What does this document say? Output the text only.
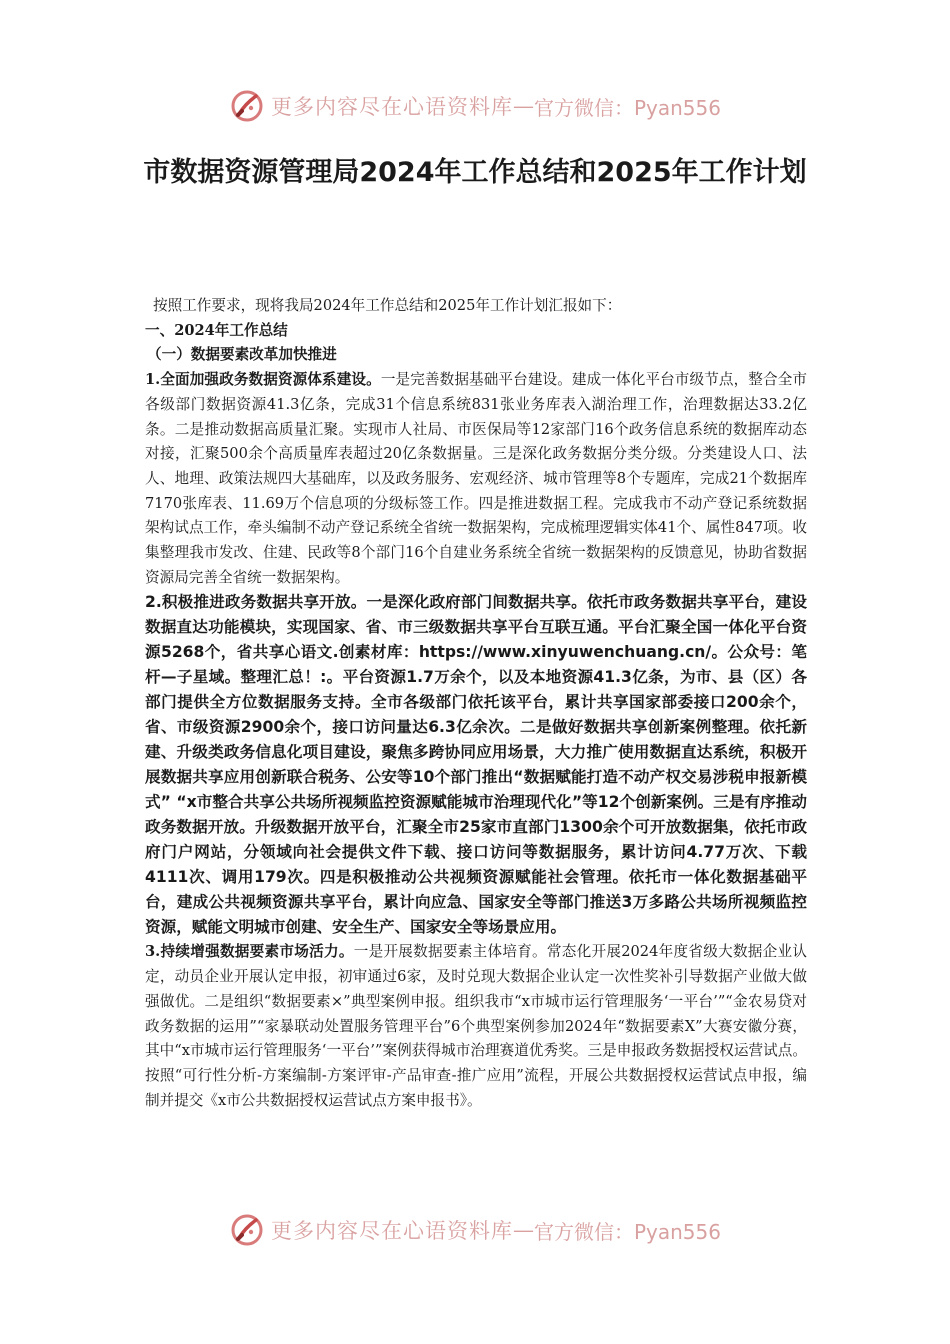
更多内容尽在心语资料库 — 官方微信：Pyan556
市数据资源管理局2024年工作总结和2025年工作计划

按照工作要求，现将我局2024年工作总结和2025年工作计划汇报如下：

一、2024年工作总结

（一）数据要素改革加快推进

1.全面加强政务数据资源体系建设。一是完善数据基础平台建设。建成一体化平台市级节点，整合全市各级部门数据资源41.3亿条，完成31个信息系统831张业务库表入湖治理工作，治理数据达33.2亿条。二是推动数据高质量汇聚。实现市人社局、市医保局等12家部门16个政务信息系统的数据库动态对接，汇聚500余个高质量库表超过20亿条数据量。三是深化政务数据分类分级。分类建设人口、法人、地理、政策法规四大基础库，以及政务服务、宏观经济、城市管理等8个专题库，完成21个数据库7170张库表、11.69万个信息项的分级标签工作。四是推进数据工程。完成我市不动产登记系统数据架构试点工作，牵头编制不动产登记系统全省统一数据架构，完成梳理逻辑实体41个、属性847项。收集整理我市发改、住建、民政等8个部门16个自建业务系统全省统一数据架构的反馈意见，协助省数据资源局完善全省统一数据架构。

2.积极推进政务数据共享开放。一是深化政府部门间数据共享。依托市政务数据共享平台，建设数据直达功能模块，实现国家、省、市三级数据共享平台互联互通。平台汇聚全国一体化平台资源5268个，省共享心语文.创素材库：https://www.xinyuwenchuang.cn/。公众号：笔杆—子星域。整理汇总！:。平台资源1.7万余个，以及本地资源41.3亿条，为市、县（区）各部门提供全方位数据服务支持。全市各级部门依托该平台，累计共享国家部委接口200余个，省、市级资源2900余个，接口访问量达6.3亿余次。二是做好数据共享创新案例整理。依托新建、升级类政务信息化项目建设，聚焦多跨协同应用场景，大力推广使用数据直达系统，积极开展数据共享应用创新联合税务、公安等10个部门推出“数据赋能打造不动产权交易涉税申报新模式” “x市整合共享公共场所视频监控资源赋能城市治理现代化”等12个创新案例。三是有序推动政务数据开放。升级数据开放平台，汇聚全市25家市直部门1300余个可开放数据集，依托市政府门户网站，分领域向社会提供文件下载、接口访问等数据服务，累计访问4.77万次、下载4111次、调用179次。四是积极推动公共视频资源赋能社会管理。依托市一体化数据基础平台，建成公共视频资源共享平台，累计向应急、国家安全等部门推送3万多路公共场所视频监控资源，赋能文明城市创建、安全生产、国家安全等场景应用。

3.持续增强数据要素市场活力。一是开展数据要素主体培育。常态化开展2024年度省级大数据企业认定，动员企业开展认定申报，初审通过6家，及时兑现大数据企业认定一次性奖补引导数据产业做大做强做优。二是组织“数据要素×”典型案例申报。组织我市“x市城市运行管理服务‘一平台’”“金农易贷对政务数据的运用”“家暴联动处置服务管理平台”6个典型案例参加2024年“数据要素X”大赛安徽分赛，其中“x市城市运行管理服务‘一平台’”案例获得城市治理赛道优秀奖。三是申报政务数据授权运营试点。按照“可行性分析-方案编制-方案评审-产品审查-推广应用”流程，开展公共数据授权运营试点申报，编制并提交《x市公共数据授权运营试点方案申报书》。

更多内容尽在心语资料库 — 官方微信：Pyan556
